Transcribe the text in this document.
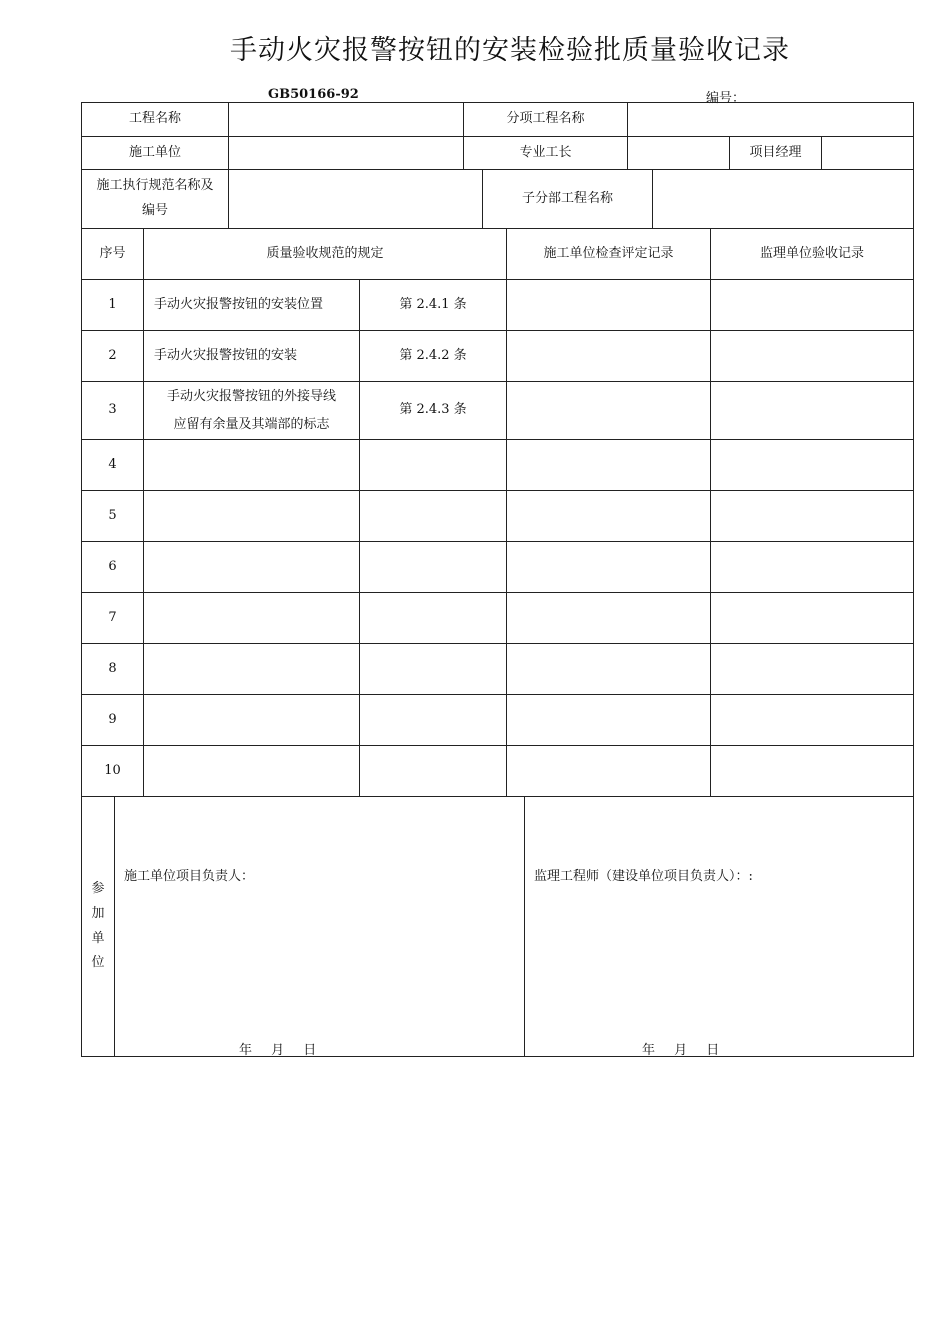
手动火灾报警按钮的安装检验批质量验收记录
GB50166-92	编号：
工程名称		分项工程名称			
施工单位		专业工长		项目经理	
施工执行规范名称及
编号
		子分部工程名称	
序号	质量验收规范的规定		施工单位检查评定记录	监理单位验收记录
1	手动火灾报警按钮的安装位置	第 2.4.1 条		
2	手动火灾报警按钮的安装	第 2.4.2 条		
3	手动火灾报警按钮的外接导线
应留有余量及其端部的标志	第 2.4.3 条		
4				
5				
6				
7				
8				
9				
10				
参
加
单
位

施工单位项目负责人：
年　 月　 日

监理工程师（建设单位项目负责人）：:
年　 月　 日
